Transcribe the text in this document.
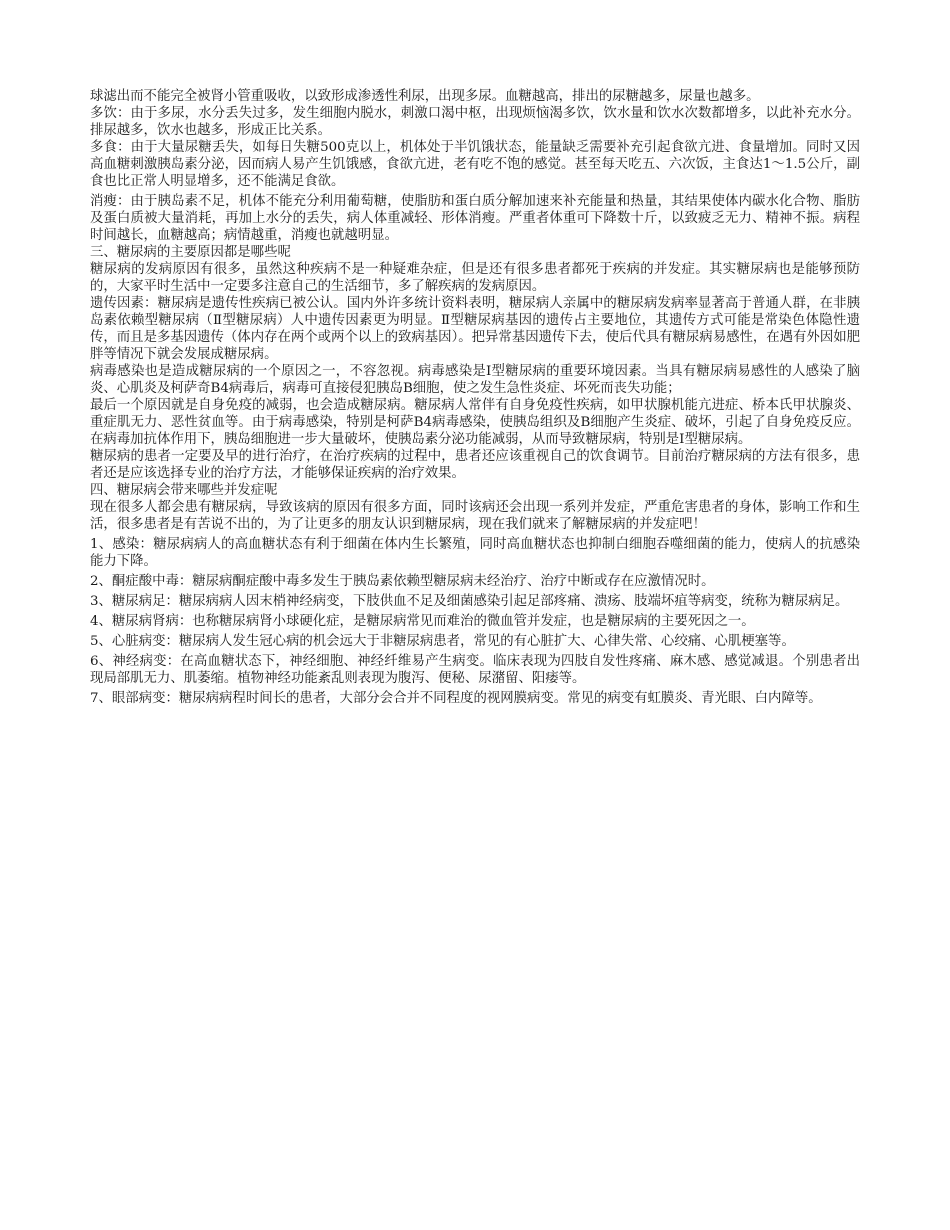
球滤出而不能完全被肾小管重吸收，以致形成渗透性利尿，出现多尿。血糖越高，排出的尿糖越多，尿量也越多。

多饮：由于多尿，水分丢失过多，发生细胞内脱水，刺激口渴中枢，出现烦恼渴多饮，饮水量和饮水次数都增多，以此补充水分。排尿越多，饮水也越多，形成正比关系。

多食：由于大量尿糖丢失，如每日失糖500克以上，机体处于半饥饿状态，能量缺乏需要补充引起食欲亢进、食量增加。同时又因高血糖刺激胰岛素分泌，因而病人易产生饥饿感，食欲亢进，老有吃不饱的感觉。甚至每天吃五、六次饭，主食达1～1.5公斤，副食也比正常人明显增多，还不能满足食欲。

消瘦：由于胰岛素不足，机体不能充分利用葡萄糖，使脂肪和蛋白质分解加速来补充能量和热量，其结果使体内碳水化合物、脂肪及蛋白质被大量消耗，再加上水分的丢失，病人体重减轻、形体消瘦。严重者体重可下降数十斤，以致疲乏无力、精神不振。病程时间越长，血糖越高；病情越重，消瘦也就越明显。

三、糖尿病的主要原因都是哪些呢

糖尿病的发病原因有很多，虽然这种疾病不是一种疑难杂症，但是还有很多患者都死于疾病的并发症。其实糖尿病也是能够预防的，大家平时生活中一定要多注意自己的生活细节，多了解疾病的发病原因。

遗传因素：糖尿病是遗传性疾病已被公认。国内外许多统计资料表明，糖尿病人亲属中的糖尿病发病率显著高于普通人群，在非胰岛素依赖型糖尿病（Ⅱ型糖尿病）人中遗传因素更为明显。Ⅱ型糖尿病基因的遗传占主要地位，其遗传方式可能是常染色体隐性遗传，而且是多基因遗传（体内存在两个或两个以上的致病基因）。把异常基因遗传下去，使后代具有糖尿病易感性，在遇有外因如肥胖等情况下就会发展成糖尿病。

病毒感染也是造成糖尿病的一个原因之一，不容忽视。病毒感染是Ⅰ型糖尿病的重要环境因素。当具有糖尿病易感性的人感染了脑炎、心肌炎及柯萨奇B4病毒后，病毒可直接侵犯胰岛B细胞，使之发生急性炎症、坏死而丧失功能；

最后一个原因就是自身免疫的减弱，也会造成糖尿病。糖尿病人常伴有自身免疫性疾病，如甲状腺机能亢进症、桥本氏甲状腺炎、重症肌无力、恶性贫血等。由于病毒感染，特别是柯萨B4病毒感染，使胰岛组织及B细胞产生炎症、破坏，引起了自身免疫反应。在病毒加抗体作用下，胰岛细胞进一步大量破坏，使胰岛素分泌功能减弱，从而导致糖尿病，特别是Ⅰ型糖尿病。

糖尿病的患者一定要及早的进行治疗，在治疗疾病的过程中，患者还应该重视自己的饮食调节。目前治疗糖尿病的方法有很多，患者还是应该选择专业的治疗方法，才能够保证疾病的治疗效果。

四、糖尿病会带来哪些并发症呢

现在很多人都会患有糖尿病，导致该病的原因有很多方面，同时该病还会出现一系列并发症，严重危害患者的身体，影响工作和生活，很多患者是有苦说不出的，为了让更多的朋友认识到糖尿病，现在我们就来了解糖尿病的并发症吧！

1、感染：糖尿病病人的高血糖状态有利于细菌在体内生长繁殖，同时高血糖状态也抑制白细胞吞噬细菌的能力，使病人的抗感染能力下降。

2、酮症酸中毒：糖尿病酮症酸中毒多发生于胰岛素依赖型糖尿病未经治疗、治疗中断或存在应激情况时。

3、糖尿病足：糖尿病病人因末梢神经病变，下肢供血不足及细菌感染引起足部疼痛、溃疡、肢端坏疽等病变，统称为糖尿病足。

4、糖尿病肾病：也称糖尿病肾小球硬化症，是糖尿病常见而难治的微血管并发症，也是糖尿病的主要死因之一。

5、心脏病变：糖尿病人发生冠心病的机会远大于非糖尿病患者，常见的有心脏扩大、心律失常、心绞痛、心肌梗塞等。

6、神经病变：在高血糖状态下，神经细胞、神经纤维易产生病变。临床表现为四肢自发性疼痛、麻木感、感觉减退。个别患者出现局部肌无力、肌萎缩。植物神经功能紊乱则表现为腹泻、便秘、尿潴留、阳痿等。

7、眼部病变：糖尿病病程时间长的患者，大部分会合并不同程度的视网膜病变。常见的病变有虹膜炎、青光眼、白内障等。
